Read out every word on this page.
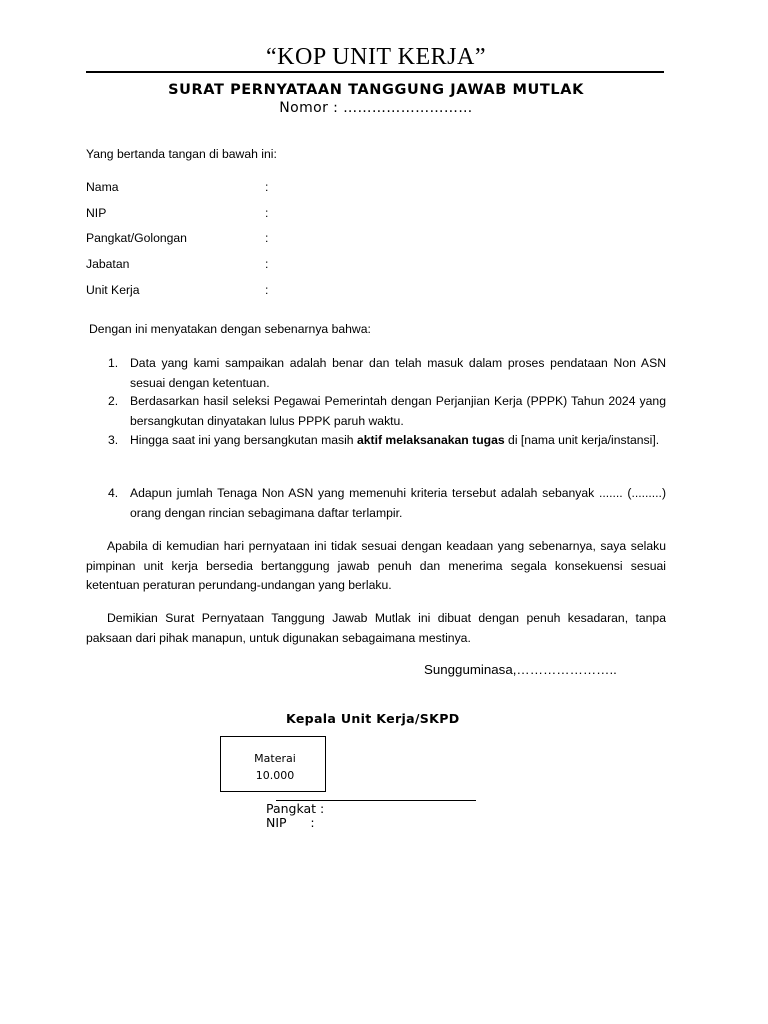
“KOP UNIT KERJA”
SURAT PERNYATAAN TANGGUNG JAWAB MUTLAK
Nomor : ………………………
Yang bertanda tangan di bawah ini:
Nama	:
NIP	:
Pangkat/Golongan	:
Jabatan	:
Unit Kerja	:
Dengan ini menyatakan dengan sebenarnya bahwa:
1. Data yang kami sampaikan adalah benar dan telah masuk dalam proses pendataan Non ASN sesuai dengan ketentuan.
2. Berdasarkan hasil seleksi Pegawai Pemerintah dengan Perjanjian Kerja (PPPK) Tahun 2024 yang bersangkutan dinyatakan lulus PPPK paruh waktu.
3. Hingga saat ini yang bersangkutan masih aktif melaksanakan tugas di [nama unit kerja/instansi].
4. Adapun jumlah Tenaga Non ASN yang memenuhi kriteria tersebut adalah sebanyak ....... (.........) orang dengan rincian sebagimana daftar terlampir.
Apabila di kemudian hari pernyataan ini tidak sesuai dengan keadaan yang sebenarnya, saya selaku pimpinan unit kerja bersedia bertanggung jawab penuh dan menerima segala konsekuensi sesuai ketentuan peraturan perundang-undangan yang berlaku.
Demikian Surat Pernyataan Tanggung Jawab Mutlak ini dibuat dengan penuh kesadaran, tanpa paksaan dari pihak manapun, untuk digunakan sebagaimana mestinya.
Sungguminasa,…………………..
Kepala Unit Kerja/SKPD
Materai
10.000
Pangkat :
NIP      :
